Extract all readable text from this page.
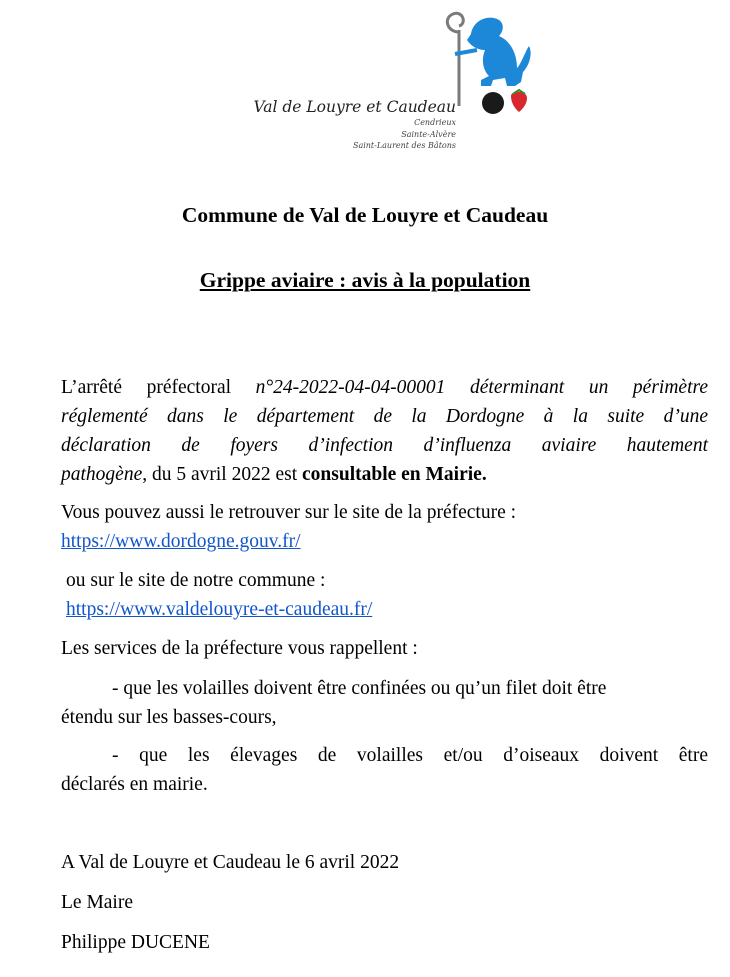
Val de Louyre et Caudeau
Cendrieux
Sainte-Alvère
Saint-Laurent des Bâtons
Commune de Val de Louyre et Caudeau
Grippe aviaire : avis à la population
L’arrêté préfectoral n°24-2022-04-04-00001 déterminant un périmètre
réglementé dans le département de la Dordogne à la suite d’une
déclaration de foyers d’infection d’influenza aviaire hautement
pathogène, du 5 avril 2022 est consultable en Mairie.
Vous pouvez aussi le retrouver sur le site de la préfecture :
https://www.dordogne.gouv.fr/
ou sur le site de notre commune :
https://www.valdelouyre-et-caudeau.fr/
Les services de la préfecture vous rappellent :
- que les volailles doivent être confinées ou qu’un filet doit être
étendu sur les basses-cours,
- que les élevages de volailles et/ou d’oiseaux doivent être
déclarés en mairie.
A Val de Louyre et Caudeau le 6 avril 2022
Le Maire
Philippe DUCENE
